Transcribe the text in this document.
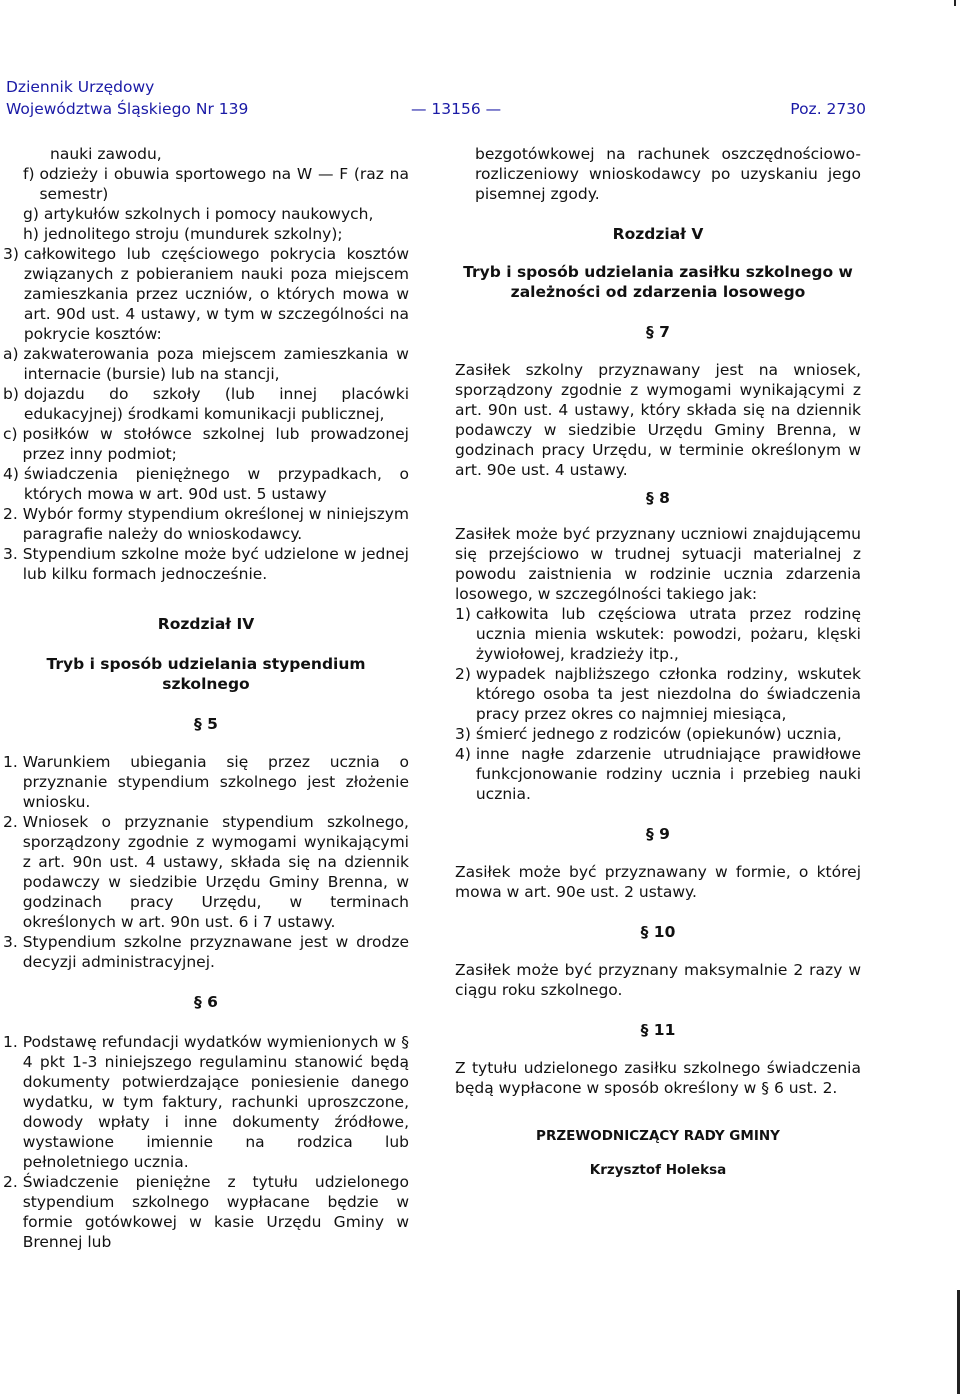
Dziennik Urzędowy
Województwa Śląskiego Nr 139	— 13156 —	Poz. 2730

nauki zawodu,

f) odzieży i obuwia sportowego na W — F (raz na semestr)

g) artykułów szkolnych i pomocy naukowych,

h) jednolitego stroju (mundurek szkolny);

3) całkowitego lub częściowego pokrycia kosztów związanych z pobieraniem nauki poza miejscem zamieszkania przez uczniów, o których mowa w art. 90d ust. 4 ustawy, w tym w szczególności na pokrycie kosztów:

a) zakwaterowania poza miejscem zamieszkania w internacie (bursie) lub na stancji,

b) dojazdu do szkoły (lub innej placówki edukacyjnej) środkami komunikacji publicznej,

c) posiłków w stołówce szkolnej lub prowadzonej przez inny podmiot;

4) świadczenia pieniężnego w przypadkach, o których mowa w art. 90d ust. 5 ustawy

2. Wybór formy stypendium określonej w niniejszym paragrafie należy do wnioskodawcy.

3. Stypendium szkolne może być udzielone w jednej lub kilku formach jednocześnie.

Rozdział IV

Tryb i sposób udzielania stypendium szkolnego

§ 5

1. Warunkiem ubiegania się przez ucznia o przyznanie stypendium szkolnego jest złożenie wniosku.

2. Wniosek o przyznanie stypendium szkolnego, sporządzony zgodnie z wymogami wynikającymi z art. 90n ust. 4 ustawy, składa się na dziennik podawczy w siedzibie Urzędu Gminy Brenna, w godzinach pracy Urzędu, w terminach określonych w art. 90n ust. 6 i 7 ustawy.

3. Stypendium szkolne przyznawane jest w drodze decyzji administracyjnej.

§ 6

1. Podstawę refundacji wydatków wymienionych w § 4 pkt 1-3 niniejszego regulaminu stanowić będą dokumenty potwierdzające poniesienie danego wydatku, w tym faktury, rachunki uproszczone, dowody wpłaty i inne dokumenty źródłowe, wystawione imiennie na rodzica lub pełnoletniego ucznia.

2. Świadczenie pieniężne z tytułu udzielonego stypendium szkolnego wypłacane będzie w formie gotówkowej w kasie Urzędu Gminy w Brennej lub

bezgotówkowej na rachunek oszczędnościowo-rozliczeniowy wnioskodawcy po uzyskaniu jego pisemnej zgody.

Rozdział V

Tryb i sposób udzielania zasiłku szkolnego w zależności od zdarzenia losowego

§ 7

Zasiłek szkolny przyznawany jest na wniosek, sporządzony zgodnie z wymogami wynikającymi z art. 90n ust. 4 ustawy, który składa się na dziennik podawczy w siedzibie Urzędu Gminy Brenna, w godzinach pracy Urzędu, w terminie określonym w art. 90e ust. 4 ustawy.

§ 8

Zasiłek może być przyznany uczniowi znajdującemu się przejściowo w trudnej sytuacji materialnej z powodu zaistnienia w rodzinie ucznia zdarzenia losowego, w szczególności takiego jak:

1) całkowita lub częściowa utrata przez rodzinę ucznia mienia wskutek: powodzi, pożaru, klęski żywiołowej, kradzieży itp.,

2) wypadek najbliższego członka rodziny, wskutek którego osoba ta jest niezdolna do świadczenia pracy przez okres co najmniej miesiąca,

3) śmierć jednego z rodziców (opiekunów) ucznia,

4) inne nagłe zdarzenie utrudniające prawidłowe funkcjonowanie rodziny ucznia i przebieg nauki ucznia.

§ 9

Zasiłek może być przyznawany w formie, o której mowa w art. 90e ust. 2 ustawy.

§ 10

Zasiłek może być przyznany maksymalnie 2 razy w ciągu roku szkolnego.

§ 11

Z tytułu udzielonego zasiłku szkolnego świadczenia będą wypłacone w sposób określony w § 6 ust. 2.

PRZEWODNICZĄCY RADY GMINY

Krzysztof Holeksa
